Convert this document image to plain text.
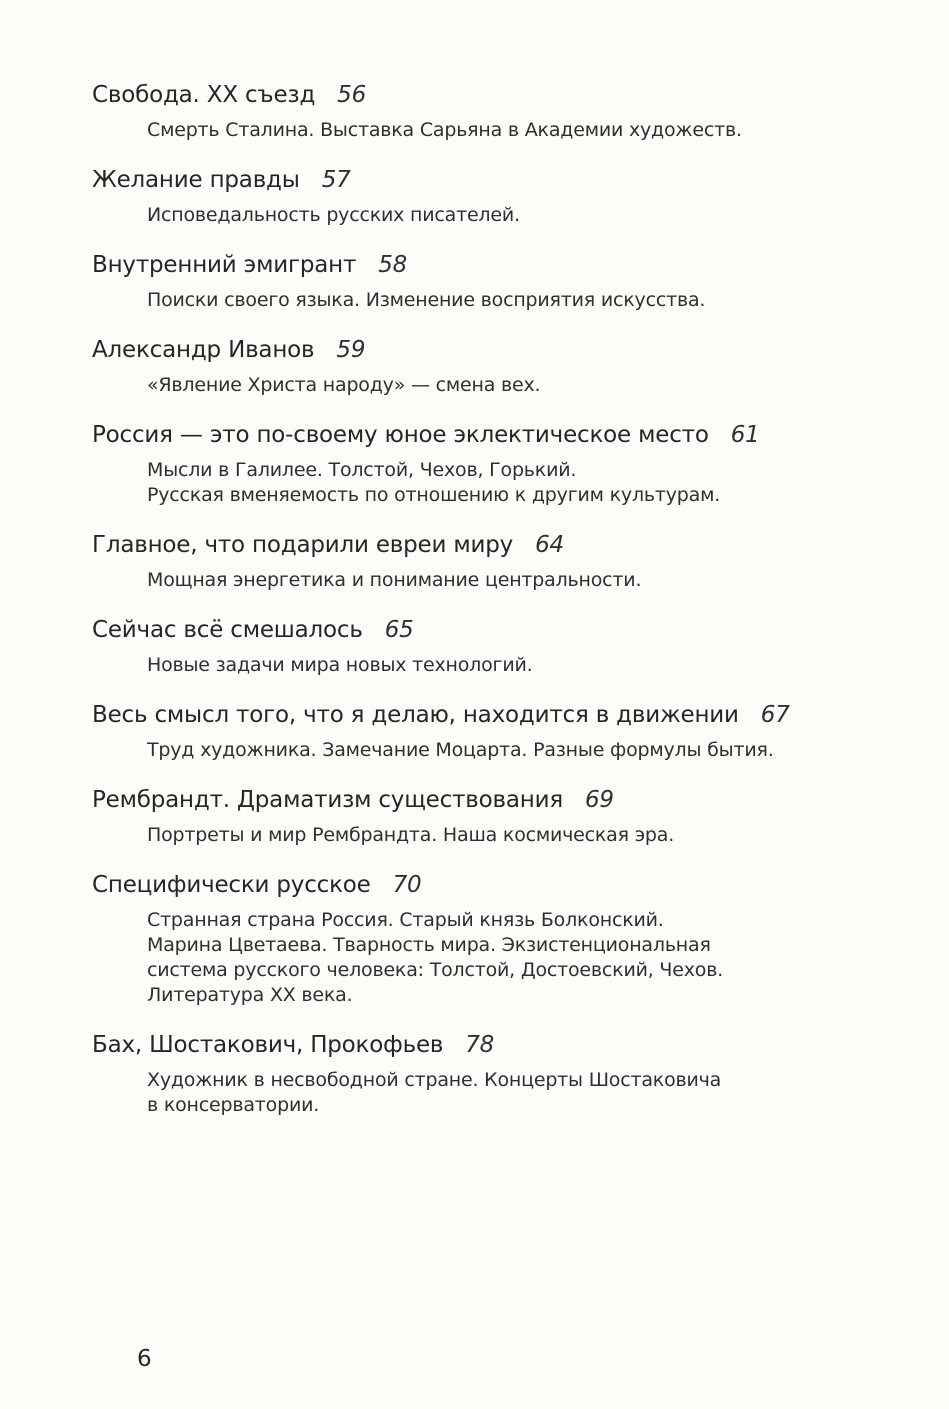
Свобода. XX съезд 56
Смерть Сталина. Выставка Сарьяна в Академии художеств.
Желание правды 57
Исповедальность русских писателей.
Внутренний эмигрант 58
Поиски своего языка. Изменение восприятия искусства.
Александр Иванов 59
«Явление Христа народу» — смена вех.
Россия — это по-своему юное эклектическое место 61
Мысли в Галилее. Толстой, Чехов, Горький.
Русская вменяемость по отношению к другим культурам.
Главное, что подарили евреи миру 64
Мощная энергетика и понимание центральности.
Сейчас всё смешалось 65
Новые задачи мира новых технологий.
Весь смысл того, что я делаю, находится в движении 67
Труд художника. Замечание Моцарта. Разные формулы бытия.
Рембрандт. Драматизм существования 69
Портреты и мир Рембрандта. Наша космическая эра.
Специфически русское 70
Странная страна Россия. Старый князь Болконский.
Марина Цветаева. Тварность мира. Экзистенциональная
система русского человека: Толстой, Достоевский, Чехов.
Литература XX века.
Бах, Шостакович, Прокофьев 78
Художник в несвободной стране. Концерты Шостаковича
в консерватории.
6
